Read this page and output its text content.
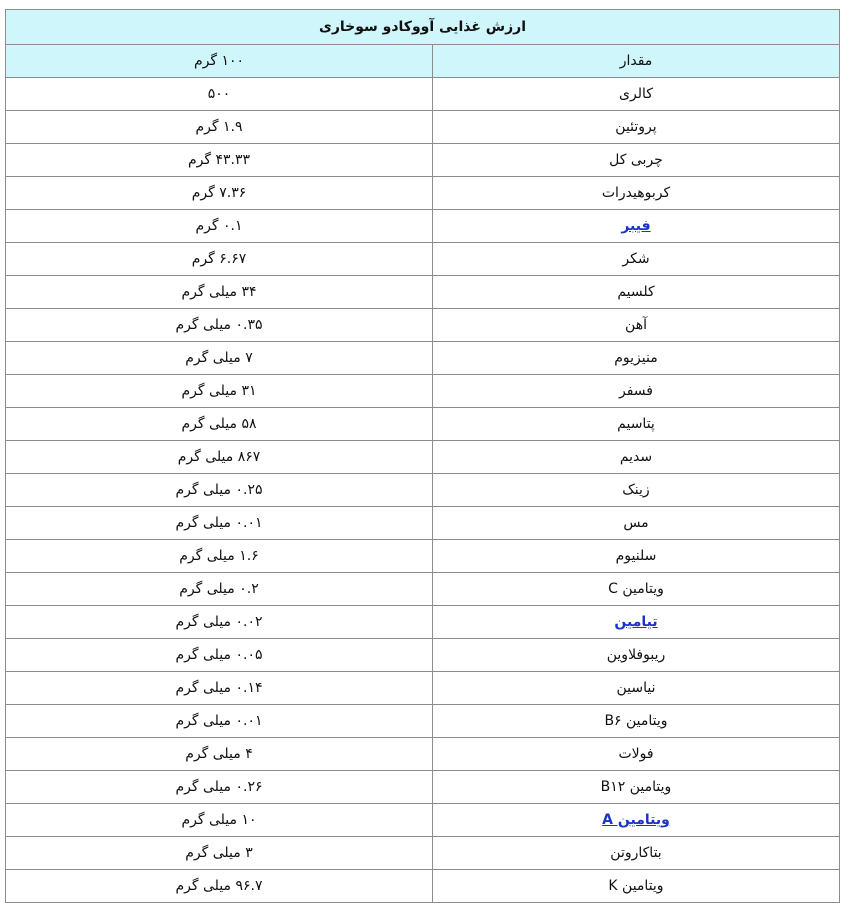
ارزش غذایی آووکادو سوخاری	
مقدار	۱۰۰ گرم
کالری	۵۰۰
پروتئین	۱.۹ گرم
چربی کل	۴۳.۳۳ گرم
کربوهیدرات	۷.۳۶ گرم
فیبر	۰.۱ گرم
شکر	۶.۶۷ گرم
کلسیم	۳۴ میلی گرم
آهن	۰.۳۵ میلی گرم
منیزیوم	۷ میلی گرم
فسفر	۳۱ میلی گرم
پتاسیم	۵۸ میلی گرم
سدیم	۸۶۷ میلی گرم
زینک	۰.۲۵ میلی گرم
مس	۰.۰۱ میلی گرم
سلنیوم	۱.۶ میلی گرم
ویتامین C	۰.۲ میلی گرم
تیامین	۰.۰۲ میلی گرم
ریبوفلاوین	۰.۰۵ میلی گرم
نیاسین	۰.۱۴ میلی گرم
ویتامین B۶	۰.۰۱ میلی گرم
فولات	۴ میلی گرم
ویتامین B۱۲	۰.۲۶ میلی گرم
ویتامین A	۱۰ میلی گرم
بتاکاروتن	۳ میلی گرم
ویتامین K	۹۶.۷ میلی گرم
